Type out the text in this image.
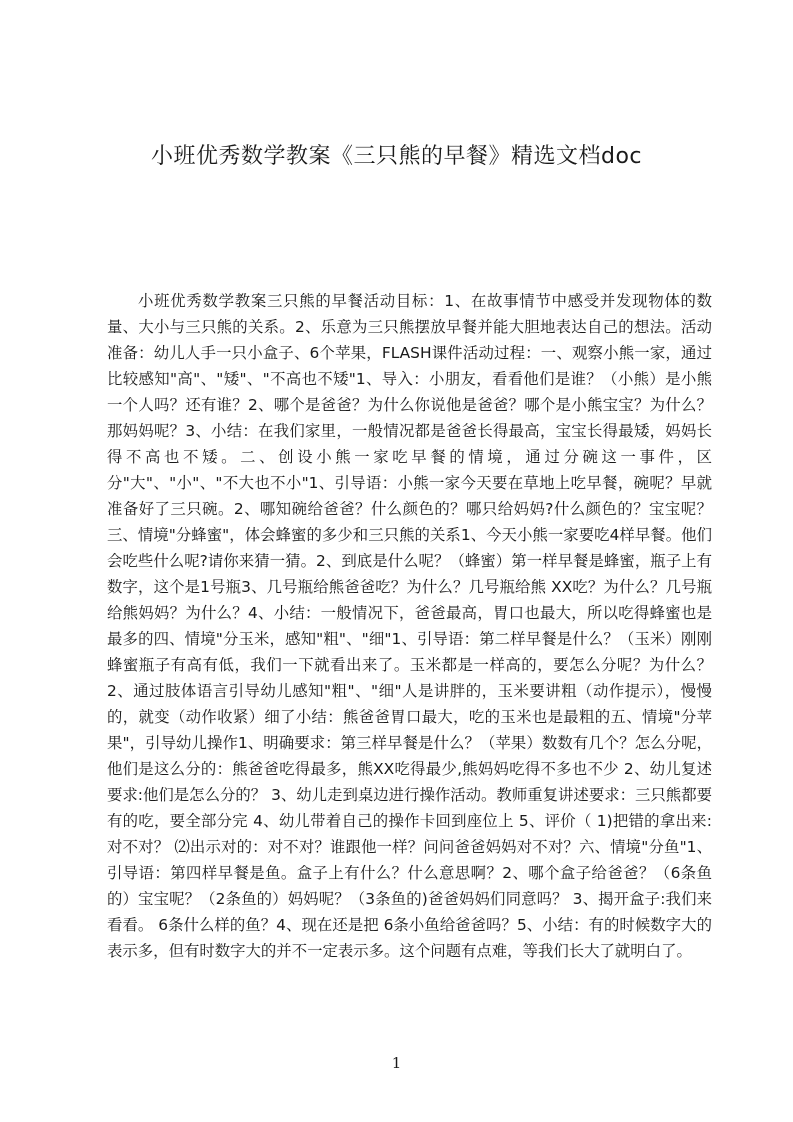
小班优秀数学教案《三只熊的早餐》精选文档doc

小班优秀数学教案三只熊的早餐活动目标：1、在故事情节中感受并发现物体的数量、大小与三只熊的关系。2、乐意为三只熊摆放早餐并能大胆地表达自己的想法。活动准备：幼儿人手一只小盒子、6个苹果，FLASH课件活动过程：一、观察小熊一家，通过比较感知"高"、"矮"、"不高也不矮"1、导入：小朋友，看看他们是谁？（小熊）是小熊一个人吗？还有谁？2、哪个是爸爸？为什么你说他是爸爸？哪个是小熊宝宝？为什么？那妈妈呢？3、小结：在我们家里，一般情况都是爸爸长得最高，宝宝长得最矮，妈妈长得不高也不矮。二、创设小熊一家吃早餐的情境，通过分碗这一事件，区分"大"、"小"、"不大也不小"1、引导语：小熊一家今天要在草地上吃早餐，碗呢？早就准备好了三只碗。2、哪知碗给爸爸？什么颜色的？哪只给妈妈?什么颜色的？宝宝呢？三、情境"分蜂蜜"，体会蜂蜜的多少和三只熊的关系1、今天小熊一家要吃4样早餐。他们会吃些什么呢?请你来猜一猜。2、到底是什么呢？（蜂蜜）第一样早餐是蜂蜜，瓶子上有数字，这个是1号瓶3、几号瓶给熊爸爸吃？为什么？几号瓶给熊 XX吃？为什么？几号瓶给熊妈妈？为什么？4、小结：一般情况下，爸爸最高，胃口也最大，所以吃得蜂蜜也是最多的四、情境"分玉米，感知"粗"、"细"1、引导语：第二样早餐是什么？（玉米）刚刚蜂蜜瓶子有高有低，我们一下就看出来了。玉米都是一样高的，要怎么分呢？为什么？2、通过肢体语言引导幼儿感知"粗"、"细"人是讲胖的，玉米要讲粗（动作提示），慢慢的，就变（动作收紧）细了小结：熊爸爸胃口最大，吃的玉米也是最粗的五、情境"分苹果"，引导幼儿操作1、明确要求：第三样早餐是什么？（苹果）数数有几个？怎么分呢，他们是这么分的：熊爸爸吃得最多，熊XX吃得最少,熊妈妈吃得不多也不少 2、幼儿复述要求:他们是怎么分的？ 3、幼儿走到桌边进行操作活动。教师重复讲述要求：三只熊都要有的吃，要全部分完 4、幼儿带着自己的操作卡回到座位上 5、评价（ 1)把错的拿出来:对不对？ ⑵出示对的：对不对？谁跟他一样？问问爸爸妈妈对不对？六、情境"分鱼"1、引导语：第四样早餐是鱼。盒子上有什么？什么意思啊？2、哪个盒子给爸爸？（6条鱼的）宝宝呢？（2条鱼的）妈妈呢？（3条鱼的)爸爸妈妈们同意吗？ 3、揭开盒子:我们来看看。 6条什么样的鱼？4、现在还是把 6条小鱼给爸爸吗？5、小结：有的时候数字大的表示多，但有时数字大的并不一定表示多。这个问题有点难，等我们长大了就明白了。

1
